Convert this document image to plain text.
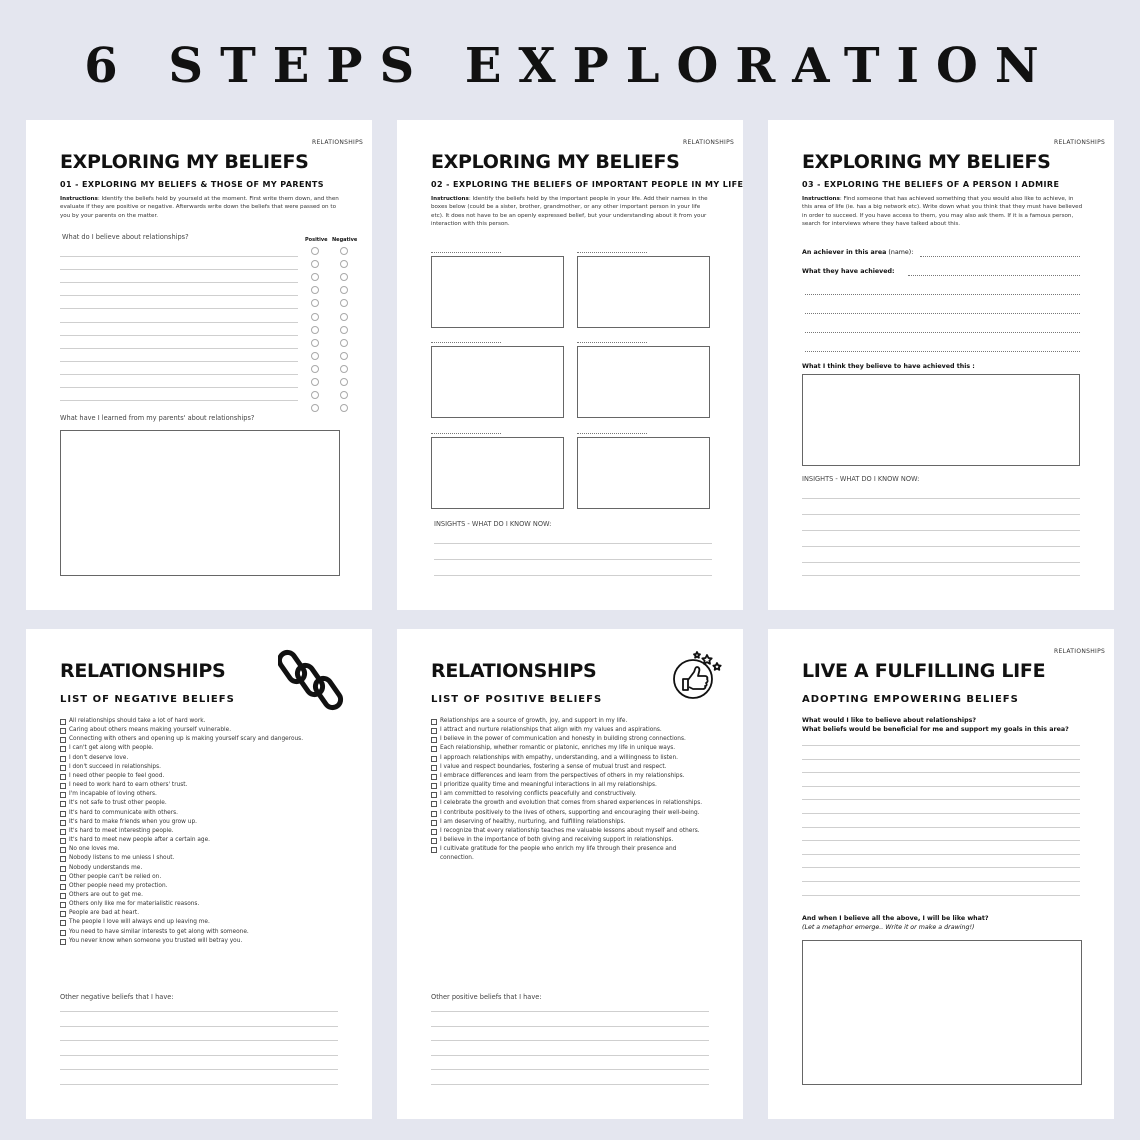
6 STEPS EXPLORATION
RELATIONSHIPS
EXPLORING MY BELIEFS
01 - EXPLORING MY BELIEFS & THOSE OF MY PARENTS

Instructions: Identify the beliefs held by yourseld at the moment. First write them down, and then evaluate if they are positive or negative. Afterwards write down the beliefs that were passed on to you by your parents on the matter.

What do I believe about relationships?	Positive Negative
What have I learned from my parents' about relationships?
RELATIONSHIPS
EXPLORING MY BELIEFS
02 - EXPLORING THE BELIEFS OF IMPORTANT PEOPLE IN MY LIFE

Instructions: Identify the beliefs held by the important people in your life. Add their names in the boxes below (could be a sister, brother, grandmother, or any other important person in your life etc). It does not have to be an openly expressed belief, but your understanding about it from your interaction with this person.

INSIGHTS - WHAT DO I KNOW NOW:
RELATIONSHIPS
EXPLORING MY BELIEFS
03 - EXPLORING THE BELIEFS OF A PERSON I ADMIRE

Instructions: Find someone that has achieved something that you would also like to achieve, in this area of life (ie. has a big network etc). Write down what you think that they must have believed in order to succeed. If you have access to them, you may also ask them. If it is a famous person, search for interviews where they have talked about this.

An achiever in this area (name):
What they have achieved:
What I think they believe to have achieved this :
INSIGHTS - WHAT DO I KNOW NOW:
RELATIONSHIPS
LIST OF NEGATIVE BELIEFS
All relationships should take a lot of hard work.
Caring about others means making yourself vulnerable.
Connecting with others and opening up is making yourself scary and dangerous.
I can't get along with people.
I don't deserve love.
I don't succeed in relationships.
I need other people to feel good.
I need to work hard to earn others' trust.
I'm incapable of loving others.
It's not safe to trust other people.
It's hard to communicate with others.
It's hard to make friends when you grow up.
It's hard to meet interesting people.
It's hard to meet new people after a certain age.
No one loves me.
Nobody listens to me unless I shout.
Nobody understands me.
Other people can't be relied on.
Other people need my protection.
Others are out to get me.
Others only like me for materialistic reasons.
People are bad at heart.
The people I love will always end up leaving me.
You need to have similar interests to get along with someone.
You never know when someone you trusted will betray you.
Other negative beliefs that I have:
RELATIONSHIPS
LIST OF POSITIVE BELIEFS
Relationships are a source of growth, joy, and support in my life.
I attract and nurture relationships that align with my values and aspirations.
I believe in the power of communication and honesty in building strong connections.
Each relationship, whether romantic or platonic, enriches my life in unique ways.
I approach relationships with empathy, understanding, and a willingness to listen.
I value and respect boundaries, fostering a sense of mutual trust and respect.
I embrace differences and learn from the perspectives of others in my relationships.
I prioritize quality time and meaningful interactions in all my relationships.
I am committed to resolving conflicts peacefully and constructively.
I celebrate the growth and evolution that comes from shared experiences in relationships.
I contribute positively to the lives of others, supporting and encouraging their well-being.
I am deserving of healthy, nurturing, and fulfilling relationships.
I recognize that every relationship teaches me valuable lessons about myself and others.
I believe in the importance of both giving and receiving support in relationships.
I cultivate gratitude for the people who enrich my life through their presence and connection.
Other positive beliefs that I have:
RELATIONSHIPS
LIVE A FULFILLING LIFE
ADOPTING EMPOWERING BELIEFS
What would I like to believe about relationships?
What beliefs would be beneficial for me and support my goals in this area?
And when I believe all the above, I will be like what?
(Let a metaphor emerge.. Write it or make a drawing!)
